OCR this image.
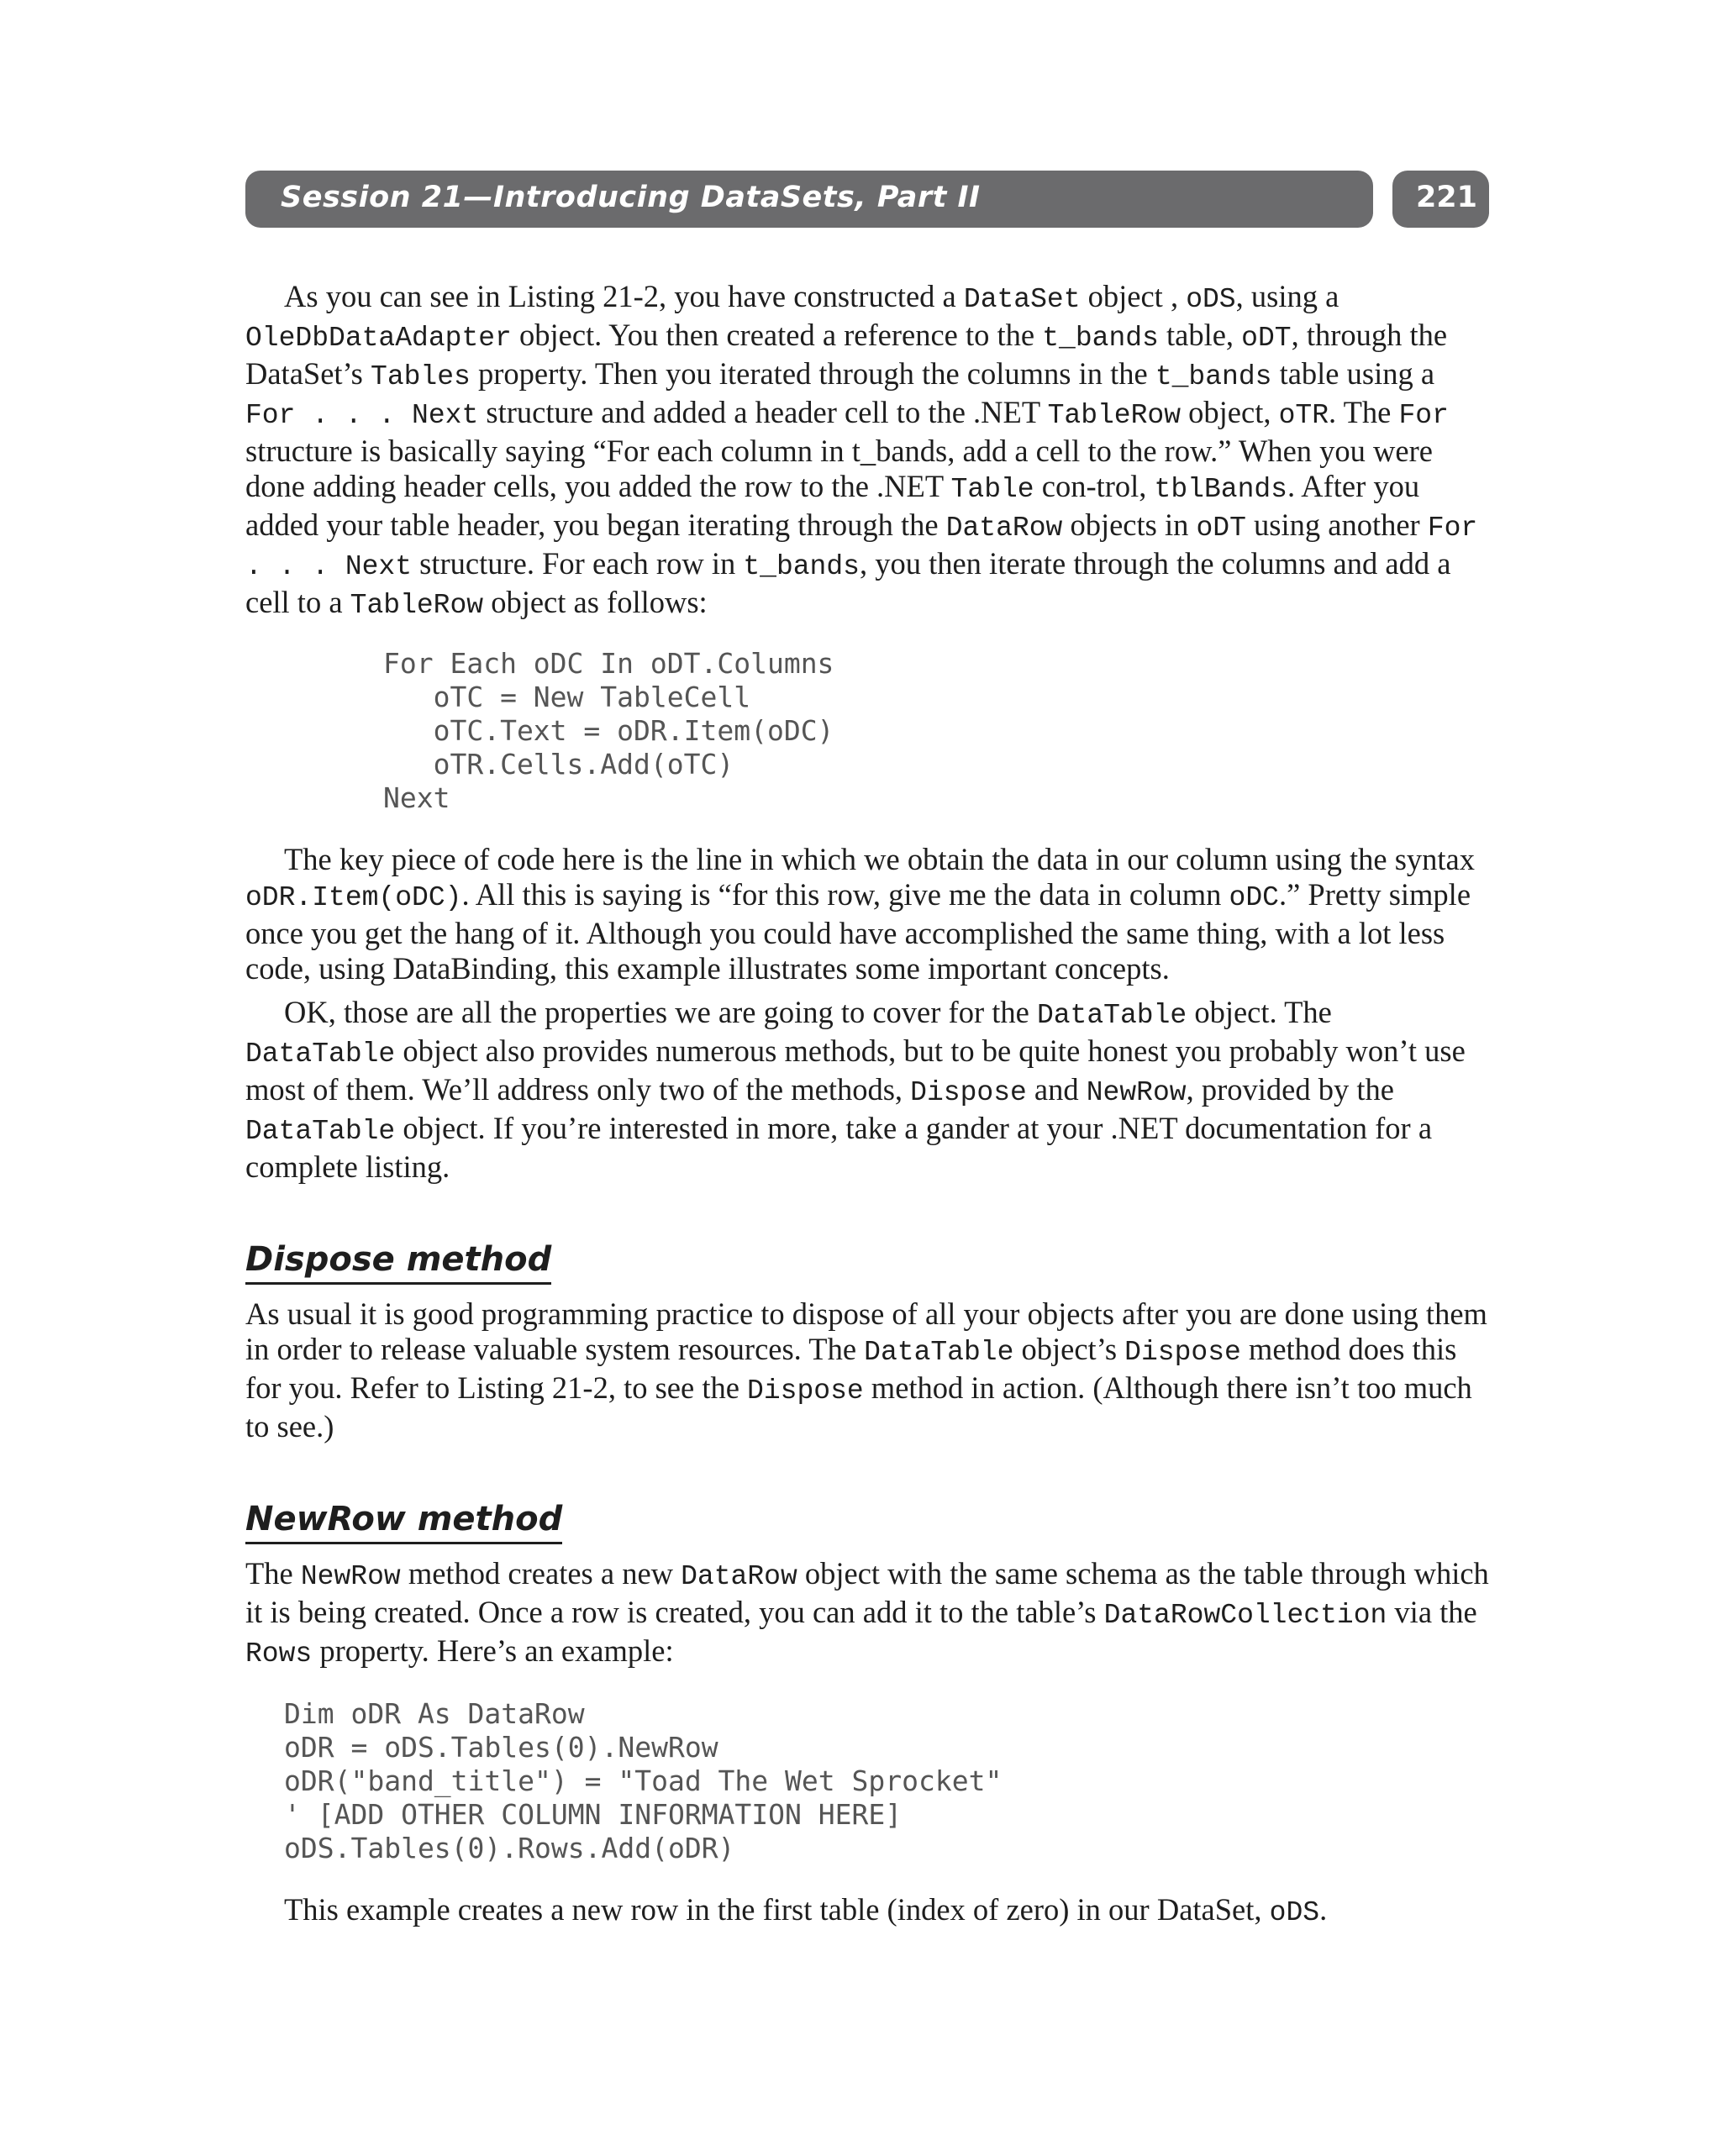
Session 21—Introducing DataSets, Part II	221

As you can see in Listing 21-2, you have constructed a DataSet object , oDS, using a OleDbDataAdapter object. You then created a reference to the t_bands table, oDT, through the DataSet’s Tables property. Then you iterated through the columns in the t_bands table using a For . . . Next structure and added a header cell to the .NET TableRow object, oTR. The For structure is basically saying “For each column in t_bands, add a cell to the row.” When you were done adding header cells, you added the row to the .NET Table con-trol, tblBands. After you added your table header, you began iterating through the DataRow objects in oDT using another For . . . Next structure. For each row in t_bands, you then iterate through the columns and add a cell to a TableRow object as follows:

For Each oDC In oDT.Columns
oTC = New TableCell
oTC.Text = oDR.Item(oDC)
oTR.Cells.Add(oTC)
Next

The key piece of code here is the line in which we obtain the data in our column using the syntax oDR.Item(oDC). All this is saying is “for this row, give me the data in column oDC.” Pretty simple once you get the hang of it. Although you could have accomplished the same thing, with a lot less code, using DataBinding, this example illustrates some important concepts.

OK, those are all the properties we are going to cover for the DataTable object. The DataTable object also provides numerous methods, but to be quite honest you probably won’t use most of them. We’ll address only two of the methods, Dispose and NewRow, provided by the DataTable object. If you’re interested in more, take a gander at your .NET documentation for a complete listing.

Dispose method

As usual it is good programming practice to dispose of all your objects after you are done using them in order to release valuable system resources. The DataTable object’s Dispose method does this for you. Refer to Listing 21-2, to see the Dispose method in action. (Although there isn’t too much to see.)

NewRow method

The NewRow method creates a new DataRow object with the same schema as the table through which it is being created. Once a row is created, you can add it to the table’s DataRowCollection via the Rows property. Here’s an example:

Dim oDR As DataRow
oDR = oDS.Tables(0).NewRow
oDR("band_title") = "Toad The Wet Sprocket"
' [ADD OTHER COLUMN INFORMATION HERE]
oDS.Tables(0).Rows.Add(oDR)

This example creates a new row in the first table (index of zero) in our DataSet, oDS.
